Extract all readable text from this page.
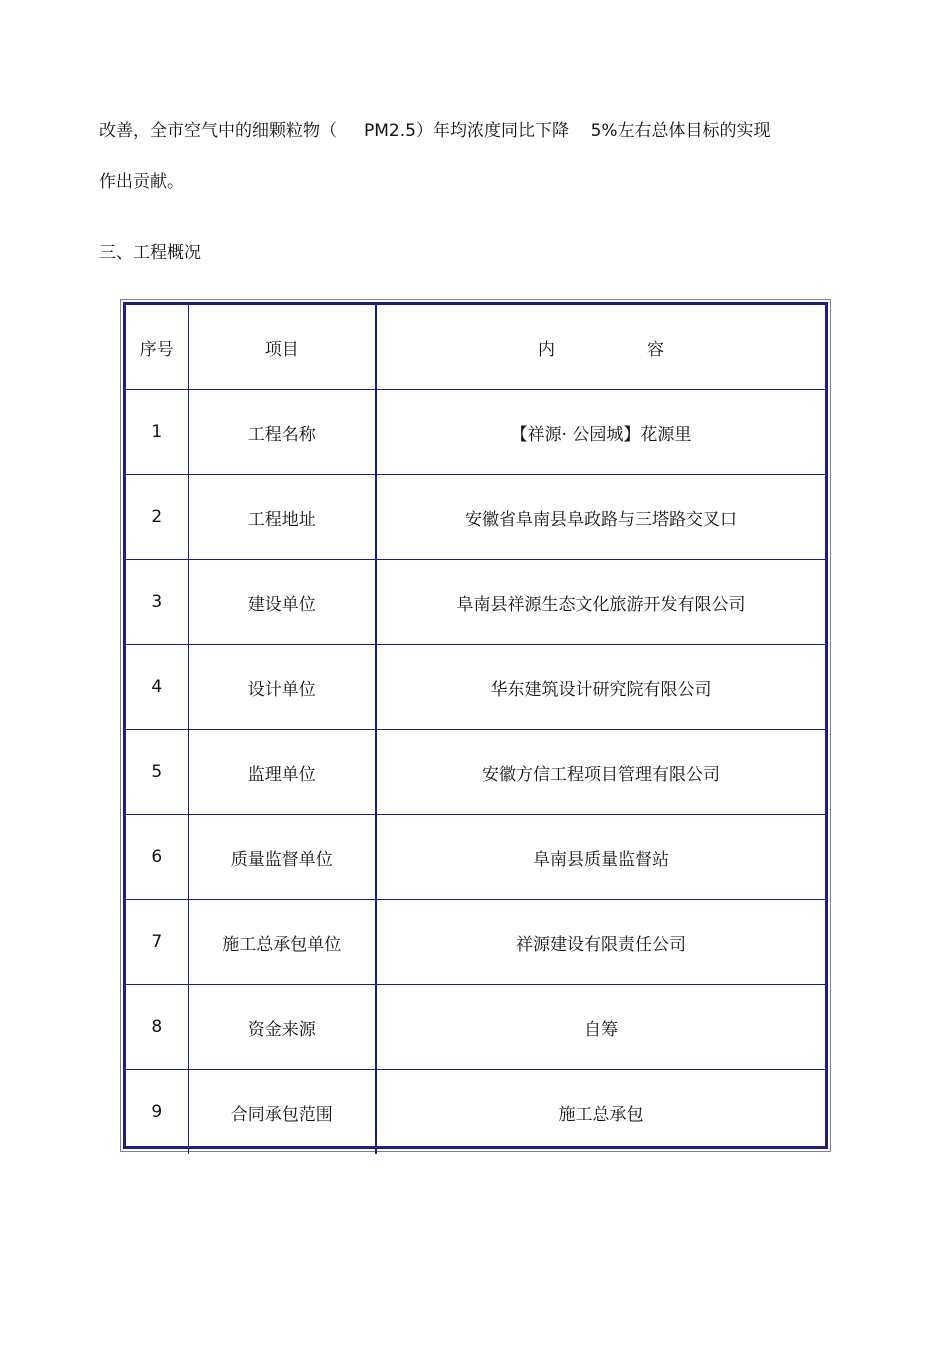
改善，全市空气中的细颗粒物（     PM2.5）年均浓度同比下降    5%左右总体目标的实现
作出贡献。
三、工程概况
序号	项目	内 容
1	工程名称	【祥源· 公园城】花源里
2	工程地址	安徽省阜南县阜政路与三塔路交叉口
3	建设单位	阜南县祥源生态文化旅游开发有限公司
4	设计单位	华东建筑设计研究院有限公司
5	监理单位	安徽方信工程项目管理有限公司
6	质量监督单位	阜南县质量监督站
7	施工总承包单位	祥源建设有限责任公司
8	资金来源	自筹
9	合同承包范围	施工总承包
